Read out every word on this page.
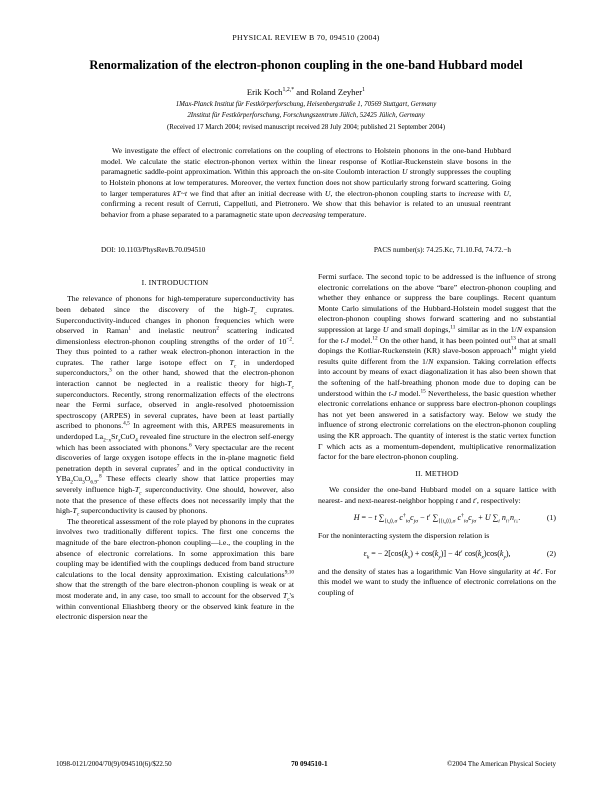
PHYSICAL REVIEW B 70, 094510 (2004)
Renormalization of the electron-phonon coupling in the one-band Hubbard model
Erik Koch$^{1,2,*}$ and Roland Zeyher$^1$
1Max-Planck Institut für Festkörperforschung, Heisenbergstraße 1, 70569 Stuttgart, Germany
2Institut für Festkörperforschung, Forschungszentrum Jülich, 52425 Jülich, Germany
(Received 17 March 2004; revised manuscript received 28 July 2004; published 21 September 2004)
We investigate the effect of electronic correlations on the coupling of electrons to Holstein phonons in the one-band Hubbard model. We calculate the static electron-phonon vertex within the linear response of Kotliar-Ruckenstein slave bosons in the paramagnetic saddle-point approximation. Within this approach the on-site Coulomb interaction U strongly suppresses the coupling to Holstein phonons at low temperatures. Moreover, the vertex function does not show particularly strong forward scattering. Going to larger temperatures kT~t we find that after an initial decrease with U, the electron-phonon coupling starts to increase with U, confirming a recent result of Cerruti, Cappelluti, and Pietronero. We show that this behavior is related to an unusual reentrant behavior from a phase separated to a paramagnetic state upon decreasing temperature.
DOI: 10.1103/PhysRevB.70.094510	PACS number(s): 74.25.Kc, 71.10.Fd, 74.72.−h
I. INTRODUCTION

The relevance of phonons for high-temperature superconductivity has been debated since the discovery of the high-$T_c$ cuprates. Superconductivity-induced changes in phonon frequencies which were observed in Raman$^1$ and inelastic neutron$^2$ scattering indicated dimensionless electron-phonon coupling strengths of the order of $10^{-2}$. They thus pointed to a rather weak electron-phonon interaction in the cuprates. The rather large isotope effect on $T_c$ in underdoped superconductors,$^3$ on the other hand, showed that the electron-phonon interaction cannot be neglected in a realistic theory for high-$T_c$ superconductors. Recently, strong renormalization effects of the electrons near the Fermi surface, observed in angle-resolved photoemission spectroscopy (ARPES) in several cuprates, have been at least partially ascribed to phonons.$^{4,5}$ In agreement with this, ARPES measurements in underdoped $La_{2-x}Sr_xCuO_4$ revealed fine structure in the electron self-energy which has been associated with phonons.$^6$ Very spectacular are the recent discoveries of large oxygen isotope effects in the in-plane magnetic field penetration depth in several cuprates$^7$ and in the optical conductivity in $YBa_2Cu_3O_{6.9}.^8$ These effects clearly show that lattice properties may severely influence high-$T_c$ superconductivity. One should, however, also note that the presence of these effects does not necessarily imply that the high-$T_c$ superconductivity is caused by phonons.

The theoretical assessment of the role played by phonons in the cuprates involves two traditionally different topics. The first one concerns the magnitude of the bare electron-phonon coupling—i.e., the coupling in the absence of electronic correlations. In some approximation this bare coupling may be identified with the couplings deduced from band structure calculations to the local density approximation. Existing calculations$^{9,10}$ show that the strength of the bare electron-phonon coupling is weak or at most moderate and, in any case, too small to account for the observed $T_c's$ within conventional Eliashberg theory or the observed kink feature in the electronic dispersion near the

Fermi surface. The second topic to be addressed is the influence of strong electronic correlations on the above “bare” electron-phonon coupling and whether they enhance or suppress the bare couplings. Recent quantum Monte Carlo simulations of the Hubbard-Holstein model suggest that the electron-phonon coupling shows forward scattering and no substantial suppression at large U and small dopings,$^{11}$ similar as in the 1/N expansion for the t-J model.$^{12}$ On the other hand, it has been pointed out$^{13}$ that at small dopings the Kotliar-Ruckenstein (KR) slave-boson approach$^{14}$ might yield results quite different from the 1/N expansion. Taking correlation effects into account by means of exact diagonalization it has also been shown that the softening of the half-breathing phonon mode due to doping can be understood within the t-J model.$^{15}$ Nevertheless, the basic question whether electronic correlations enhance or suppress bare electron-phonon couplings has not yet been answered in a satisfactory way. Below we study the influence of strong electronic correlations on the electron-phonon coupling using the KR approach. The quantity of interest is the static vertex function Γ which acts as a momentum-dependent, multiplicative renormalization factor for the bare electron-phonon coupling.

II. METHOD

We consider the one-band Hubbard model on a square lattice with nearest- and next-nearest-neighbor hopping t and t′, respectively:

H = − t $\sum_{⟨i,j⟩,\sigma}$ $c^\dagger_{i\sigma}c_{j\sigma} - t'$ $\sum_{⟨⟨i,j⟩⟩,\sigma}$ $c^\dagger_{i\sigma}c_{j\sigma} + U$ $\sum_i$ $n_{i↑}n_{i↓}$.	(1)

For the noninteracting system the dispersion relation is

$\varepsilon_k$ = − $2[\cos(k_x) + \cos(k_y)] - 4t'$ $\cos(k_x)\cos(k_y)$,	(2)

and the density of states has a logarithmic Van Hove singularity at 4t′. For this model we want to study the influence of electronic correlations on the coupling of

1098-0121/2004/70(9)/094510(6)/$22.50	70 094510-1	©2004 The American Physical Society
